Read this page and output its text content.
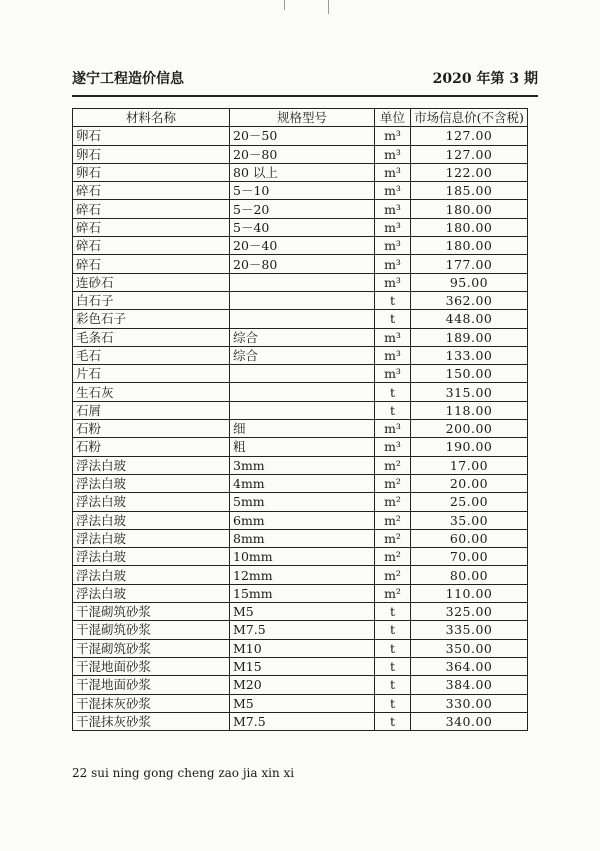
遂宁工程造价信息	2020 年第 3 期
材料名称	规格型号	单位	市场信息价(不含税)
卵石	20－50	m³	127.00
卵石	20－80	m³	127.00
卵石	80 以上	m³	122.00
碎石	5－10	m³	185.00
碎石	5－20	m³	180.00
碎石	5－40	m³	180.00
碎石	20－40	m³	180.00
碎石	20－80	m³	177.00
连砂石		m³	95.00
白石子		t	362.00
彩色石子		t	448.00
毛条石	综合	m³	189.00
毛石	综合	m³	133.00
片石		m³	150.00
生石灰		t	315.00
石屑		t	118.00
石粉	细	m³	200.00
石粉	粗	m³	190.00
浮法白玻	3mm	m²	17.00
浮法白玻	4mm	m²	20.00
浮法白玻	5mm	m²	25.00
浮法白玻	6mm	m²	35.00
浮法白玻	8mm	m²	60.00
浮法白玻	10mm	m²	70.00
浮法白玻	12mm	m²	80.00
浮法白玻	15mm	m²	110.00
干混砌筑砂浆	M5	t	325.00
干混砌筑砂浆	M7.5	t	335.00
干混砌筑砂浆	M10	t	350.00
干混地面砂浆	M15	t	364.00
干混地面砂浆	M20	t	384.00
干混抹灰砂浆	M5	t	330.00
干混抹灰砂浆	M7.5	t	340.00
22 sui ning gong cheng zao jia xin xi
